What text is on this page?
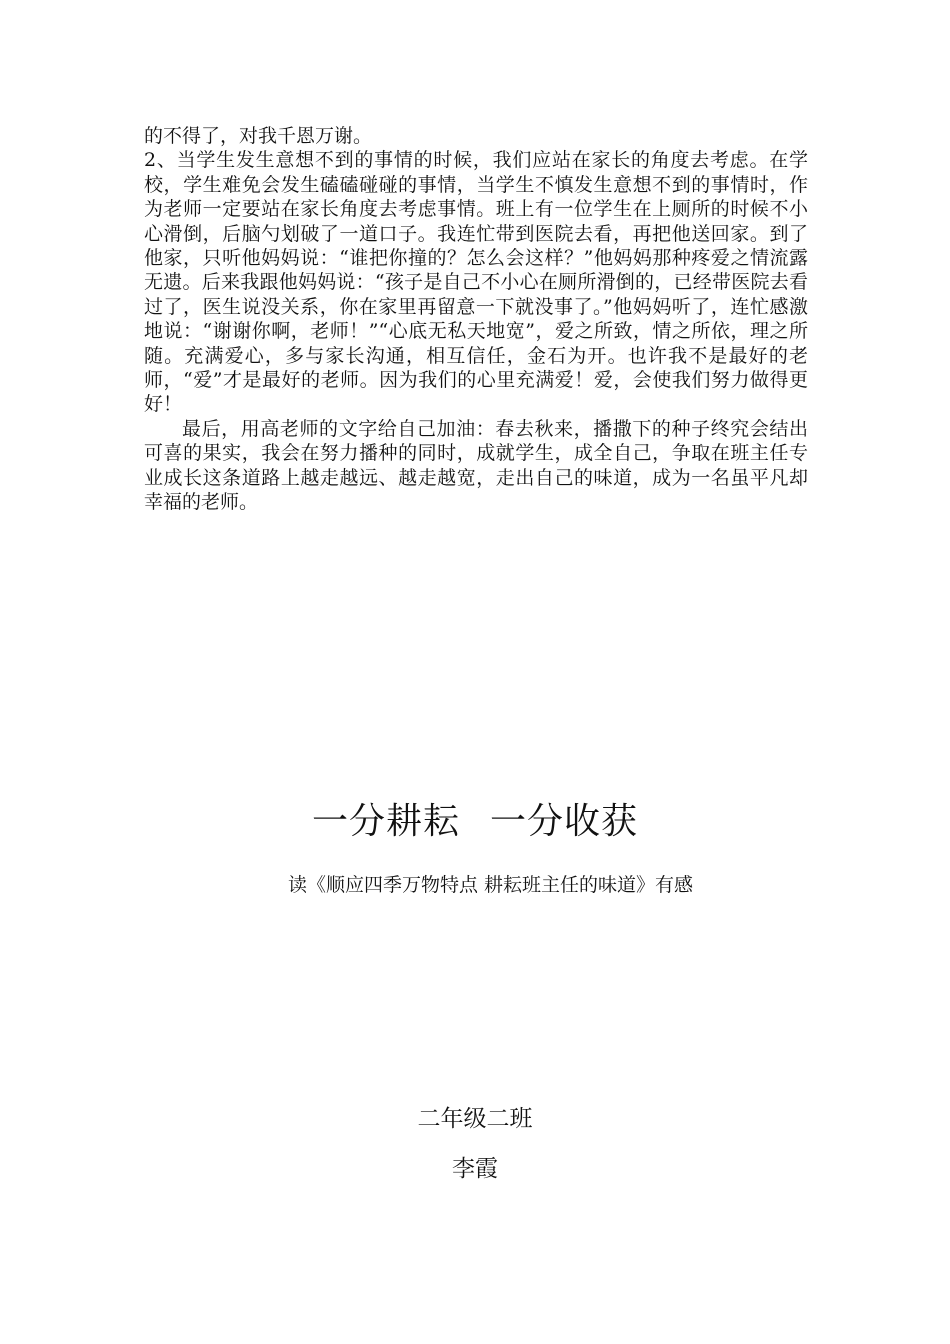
的不得了，对我千恩万谢。

2、当学生发生意想不到的事情的时候，我们应站在家长的角度去考虑。在学校，学生难免会发生磕磕碰碰的事情，当学生不慎发生意想不到的事情时，作为老师一定要站在家长角度去考虑事情。班上有一位学生在上厕所的时候不小心滑倒，后脑勺划破了一道口子。我连忙带到医院去看，再把他送回家。到了他家，只听他妈妈说：“谁把你撞的？怎么会这样？”他妈妈那种疼爱之情流露无遗。后来我跟他妈妈说：“孩子是自己不小心在厕所滑倒的，已经带医院去看过了，医生说没关系，你在家里再留意一下就没事了。”他妈妈听了，连忙感激地说：“谢谢你啊，老师！”“心底无私天地宽”，爱之所致，情之所依，理之所随。充满爱心，多与家长沟通，相互信任，金石为开。也许我不是最好的老师，“爱”才是最好的老师。因为我们的心里充满爱！爱，会使我们努力做得更好！

最后，用高老师的文字给自己加油：春去秋来，播撒下的种子终究会结出可喜的果实，我会在努力播种的同时，成就学生，成全自己，争取在班主任专业成长这条道路上越走越远、越走越宽，走出自己的味道，成为一名虽平凡却幸福的老师。

一分耕耘 一分收获
读《顺应四季万物特点 耕耘班主任的味道》有感
二年级二班
李霞
